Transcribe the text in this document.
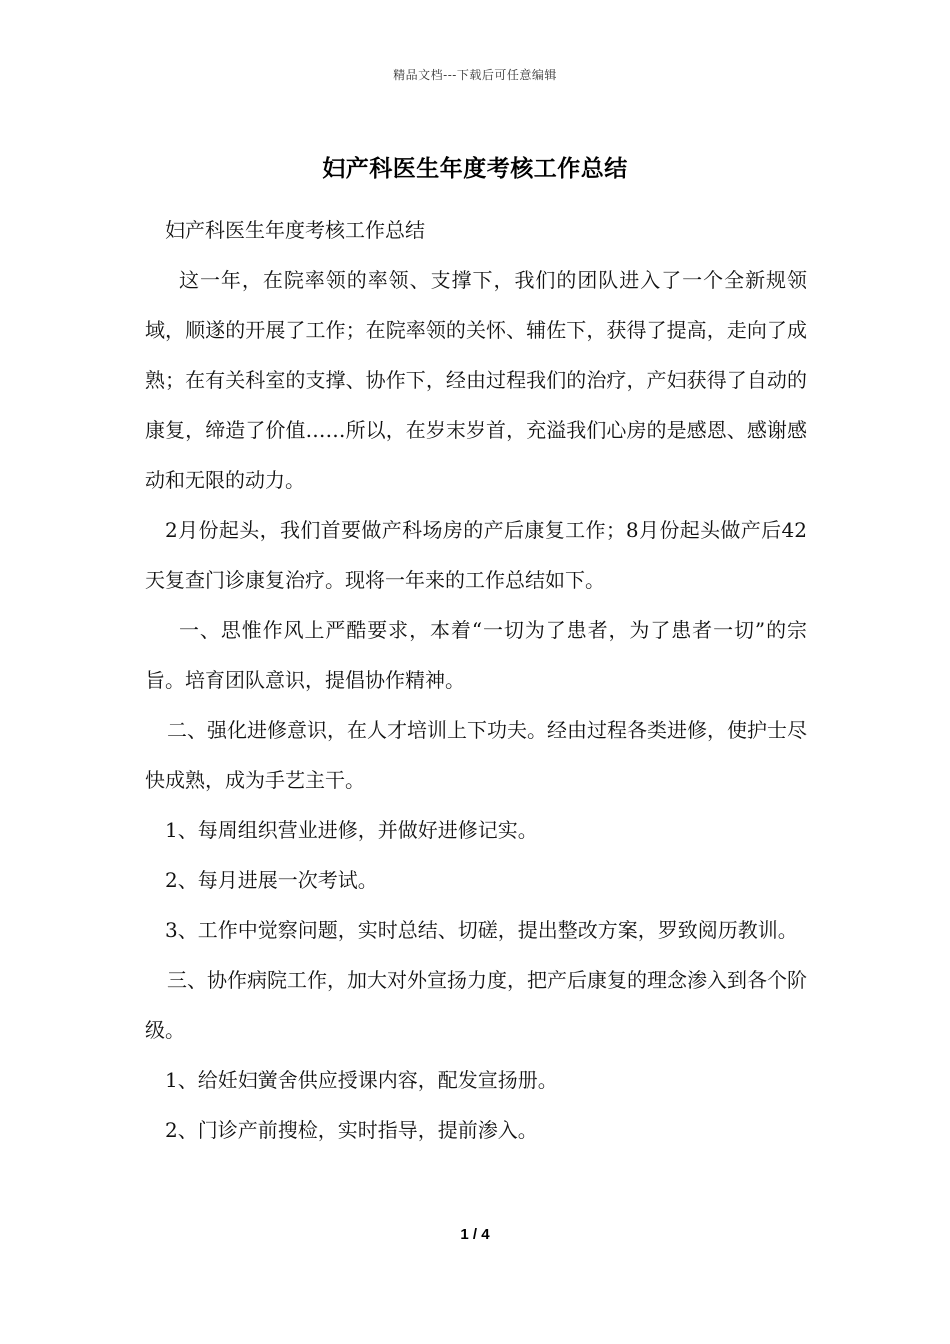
精品文档---下载后可任意编辑
妇产科医生年度考核工作总结

妇产科医生年度考核工作总结

这一年，在院率领的率领、支撑下，我们的团队进入了一个全新规领域，顺遂的开展了工作；在院率领的关怀、辅佐下，获得了提高，走向了成熟；在有关科室的支撑、协作下，经由过程我们的治疗，产妇获得了自动的康复，缔造了价值……所以，在岁末岁首，充溢我们心房的是感恩、感谢感动和无限的动力。

2月份起头，我们首要做产科场房的产后康复工作；8月份起头做产后42天复查门诊康复治疗。现将一年来的工作总结如下。

一、思惟作风上严酷要求，本着“一切为了患者，为了患者一切”的宗旨。培育团队意识，提倡协作精神。

二、强化进修意识，在人才培训上下功夫。经由过程各类进修，使护士尽快成熟，成为手艺主干。

1、每周组织营业进修，并做好进修记实。

2、每月进展一次考试。

3、工作中觉察问题，实时总结、切磋，提出整改方案，罗致阅历教训。

三、协作病院工作，加大对外宣扬力度，把产后康复的理念渗入到各个阶级。

1、给妊妇黉舍供应授课内容，配发宣扬册。

2、门诊产前搜检，实时指导，提前渗入。

1 / 4
